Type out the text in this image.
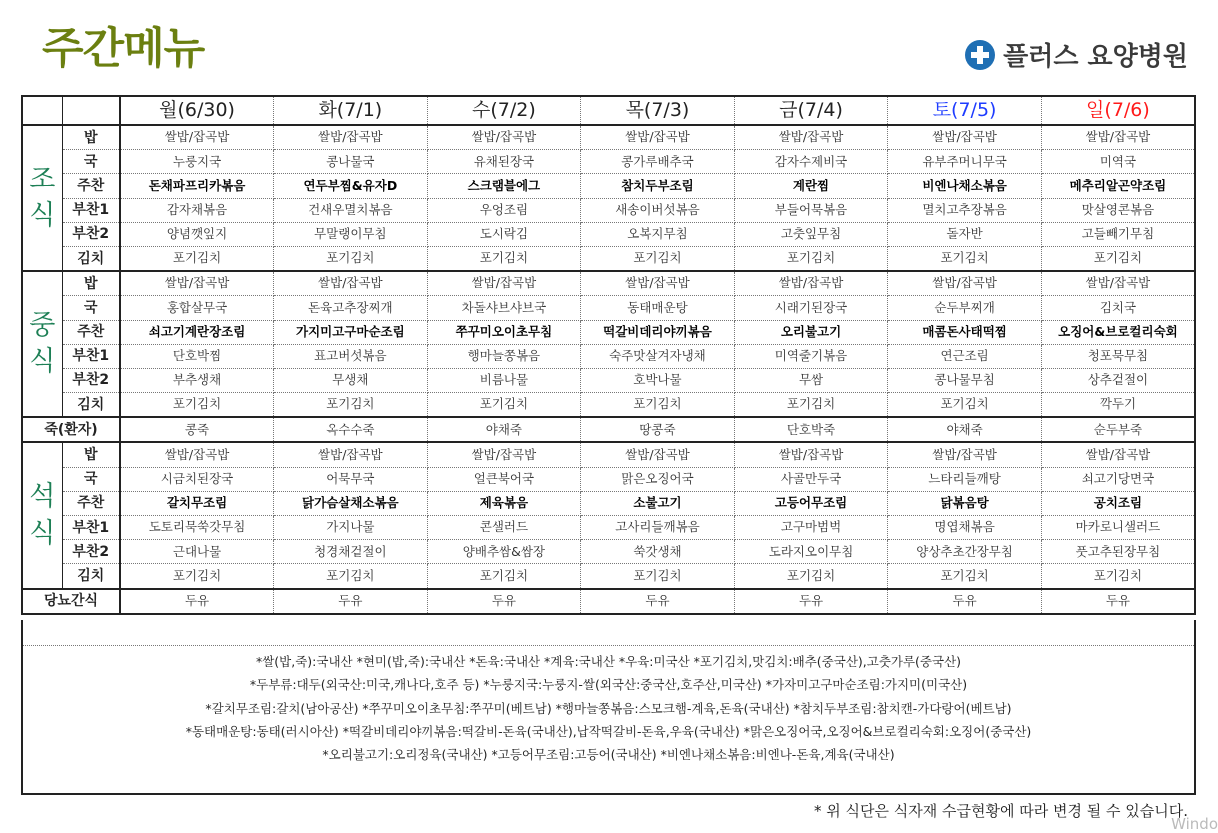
주간메뉴	플러스 요양병원
		월(6/30)	화(7/1)	수(7/2)	목(7/3)	금(7/4)	토(7/5)	일(7/6)
조
식	밥	쌀밥/잡곡밥	쌀밥/잡곡밥	쌀밥/잡곡밥	쌀밥/잡곡밥	쌀밥/잡곡밥	쌀밥/잡곡밥	쌀밥/잡곡밥
	국	누룽지국	콩나물국	유채된장국	콩가루배추국	감자수제비국	유부주머니무국	미역국
	주찬	돈채파프리카볶음	연두부찜&유자D	스크램블에그	참치두부조림	계란찜	비엔나채소볶음	메추리알곤약조림
	부찬1	감자채볶음	건새우멸치볶음	우엉조림	새송이버섯볶음	부들어묵볶음	멸치고추장볶음	맛살영콘볶음
	부찬2	양념깻잎지	무말랭이무침	도시락김	오복지무침	고춧잎무침	돌자반	고들빼기무침
	김치	포기김치	포기김치	포기김치	포기김치	포기김치	포기김치	포기김치
중
식	밥	쌀밥/잡곡밥	쌀밥/잡곡밥	쌀밥/잡곡밥	쌀밥/잡곡밥	쌀밥/잡곡밥	쌀밥/잡곡밥	쌀밥/잡곡밥
	국	홍합살무국	돈육고추장찌개	차돌샤브샤브국	동태매운탕	시래기된장국	순두부찌개	김치국
	주찬	쇠고기계란장조림	가지미고구마순조림	쭈꾸미오이초무침	떡갈비데리야끼볶음	오리불고기	매콤돈사태떡찜	오징어&브로컬리숙회
	부찬1	단호박찜	표고버섯볶음	행마늘쫑볶음	숙주맛살겨자냉채	미역줄기볶음	연근조림	청포묵무침
	부찬2	부추생채	무생채	비름나물	호박나물	무쌈	콩나물무침	상추겉절이
	김치	포기김치	포기김치	포기김치	포기김치	포기김치	포기김치	깍두기
죽(환자)		콩죽	옥수수죽	야채죽	땅콩죽	단호박죽	야채죽	순두부죽
석
식	밥	쌀밥/잡곡밥	쌀밥/잡곡밥	쌀밥/잡곡밥	쌀밥/잡곡밥	쌀밥/잡곡밥	쌀밥/잡곡밥	쌀밥/잡곡밥
	국	시금치된장국	어묵무국	얼큰북어국	맑은오징어국	사골만두국	느타리들깨탕	쇠고기당면국
	주찬	갈치무조림	닭가슴살채소볶음	제육볶음	소불고기	고등어무조림	닭볶음탕	공치조림
	부찬1	도토리묵쑥갓무침	가지나물	콘샐러드	고사리들깨볶음	고구마범벅	명엽채볶음	마카로니샐러드
	부찬2	근대나물	청경채겉절이	양배추쌈&쌈장	쑥갓생채	도라지오이무침	양상추초간장무침	풋고추된장무침
	김치	포기김치	포기김치	포기김치	포기김치	포기김치	포기김치	포기김치
당뇨간식		두유	두유	두유	두유	두유	두유	두유
*쌀(밥,죽):국내산 *현미(밥,죽):국내산 *돈육:국내산 *계육:국내산 *우육:미국산 *포기김치,맛김치:배추(중국산),고춧가루(중국산)
*두부류:대두(외국산:미국,캐나다,호주 등) *누룽지국:누룽지-쌀(외국산:중국산,호주산,미국산) *가자미고구마순조림:가지미(미국산)
*갈치무조림:갈치(남아공산) *쭈꾸미오이초무침:쭈꾸미(베트남) *행마늘쫑볶음:스모크햄-계육,돈육(국내산) *참치두부조림:참치캔-가다랑어(베트남)
*동태매운탕:동태(러시아산) *떡갈비데리야끼볶음:떡갈비-돈육(국내산),납작떡갈비-돈육,우육(국내산) *맑은오징어국,오징어&브로컬리숙회:오징어(중국산)
*오리불고기:오리정육(국내산) *고등어무조림:고등어(국내산) *비엔나채소볶음:비엔나-돈육,계육(국내산)
* 위 식단은 식자재 수급현황에 따라 변경 될 수 있습니다.
Windo
